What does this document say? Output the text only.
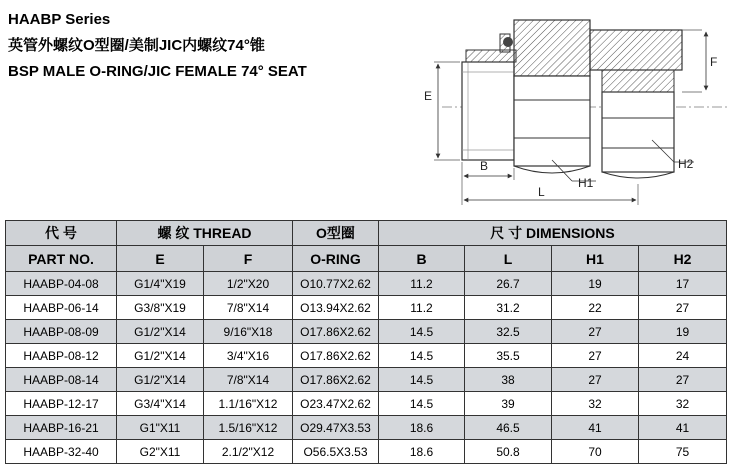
HAABP Series
英管外螺纹O型圈/美制JIC内螺纹74°锥
BSP MALE O-RING/JIC FEMALE 74° SEAT
E
F
B
L
H1
H2
代 号	螺 纹 THREAD		O型圈	尺 寸 DIMENSIONS			
PART NO.	E	F	O-RING	B	L	H1	H2
HAABP-04-08	G1/4"X19	1/2"X20	O10.77X2.62	11.2	26.7	19	17
HAABP-06-14	G3/8"X19	7/8"X14	O13.94X2.62	11.2	31.2	22	27
HAABP-08-09	G1/2"X14	9/16"X18	O17.86X2.62	14.5	32.5	27	19
HAABP-08-12	G1/2"X14	3/4"X16	O17.86X2.62	14.5	35.5	27	24
HAABP-08-14	G1/2"X14	7/8"X14	O17.86X2.62	14.5	38	27	27
HAABP-12-17	G3/4"X14	1.1/16"X12	O23.47X2.62	14.5	39	32	32
HAABP-16-21	G1"X11	1.5/16"X12	O29.47X3.53	18.6	46.5	41	41
HAABP-32-40	G2"X11	2.1/2"X12	O56.5X3.53	18.6	50.8	70	75
